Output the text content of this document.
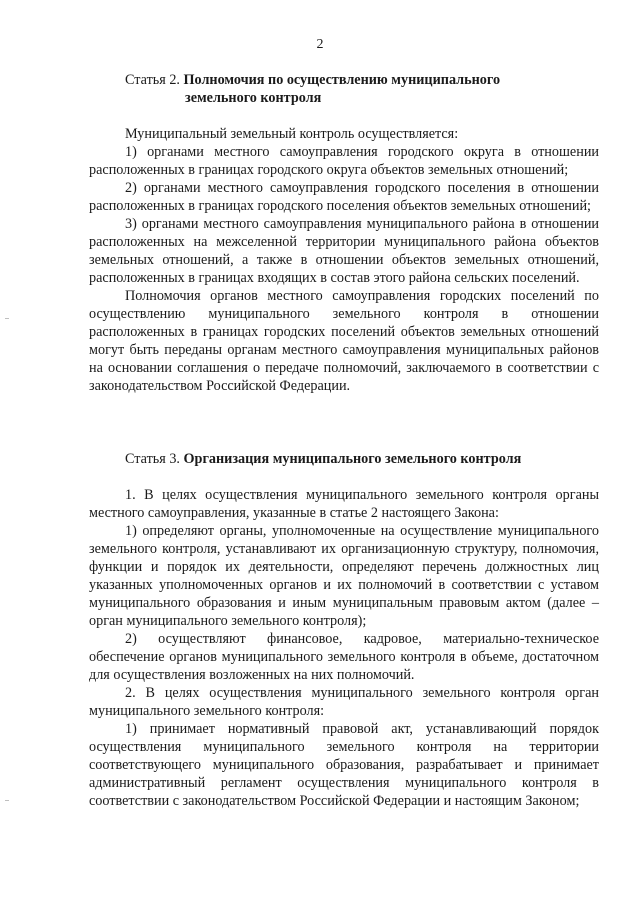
2
Статья 2. Полномочия по осуществлению муниципального
земельного контроля

Муниципальный земельный контроль осуществляется:

1) органами местного самоуправления городского округа в отношении расположенных в границах городского округа объектов земельных отношений;

2) органами местного самоуправления городского поселения в отношении расположенных в границах городского поселения объектов земельных отношений;

3) органами местного самоуправления муниципального района в отношении расположенных на межселенной территории муниципального района объектов земельных отношений, а также в отношении объектов земельных отношений, расположенных в границах входящих в состав этого района сельских поселений.

Полномочия органов местного самоуправления городских поселений по осуществлению муниципального земельного контроля в отношении расположенных в границах городских поселений объектов земельных отношений могут быть переданы органам местного самоуправления муниципальных районов на основании соглашения о передаче полномочий, заключаемого в соответствии с законодательством Российской Федерации.

Статья 3. Организация муниципального земельного контроля

1. В целях осуществления муниципального земельного контроля органы местного самоуправления, указанные в статье 2 настоящего Закона:

1) определяют органы, уполномоченные на осуществление муниципального земельного контроля, устанавливают их организационную структуру, полномочия, функции и порядок их деятельности, определяют перечень должностных лиц указанных уполномоченных органов и их полномочий в соответствии с уставом муниципального образования и иным муниципальным правовым актом (далее – орган муниципального земельного контроля);

2) осуществляют финансовое, кадровое, материально-техническое обеспечение органов муниципального земельного контроля в объеме, достаточном для осуществления возложенных на них полномочий.

2. В целях осуществления муниципального земельного контроля орган муниципального земельного контроля:

1) принимает нормативный правовой акт, устанавливающий порядок осуществления муниципального земельного контроля на территории соответствующего муниципального образования, разрабатывает и принимает административный регламент осуществления муниципального контроля в соответствии с законодательством Российской Федерации и настоящим Законом;
